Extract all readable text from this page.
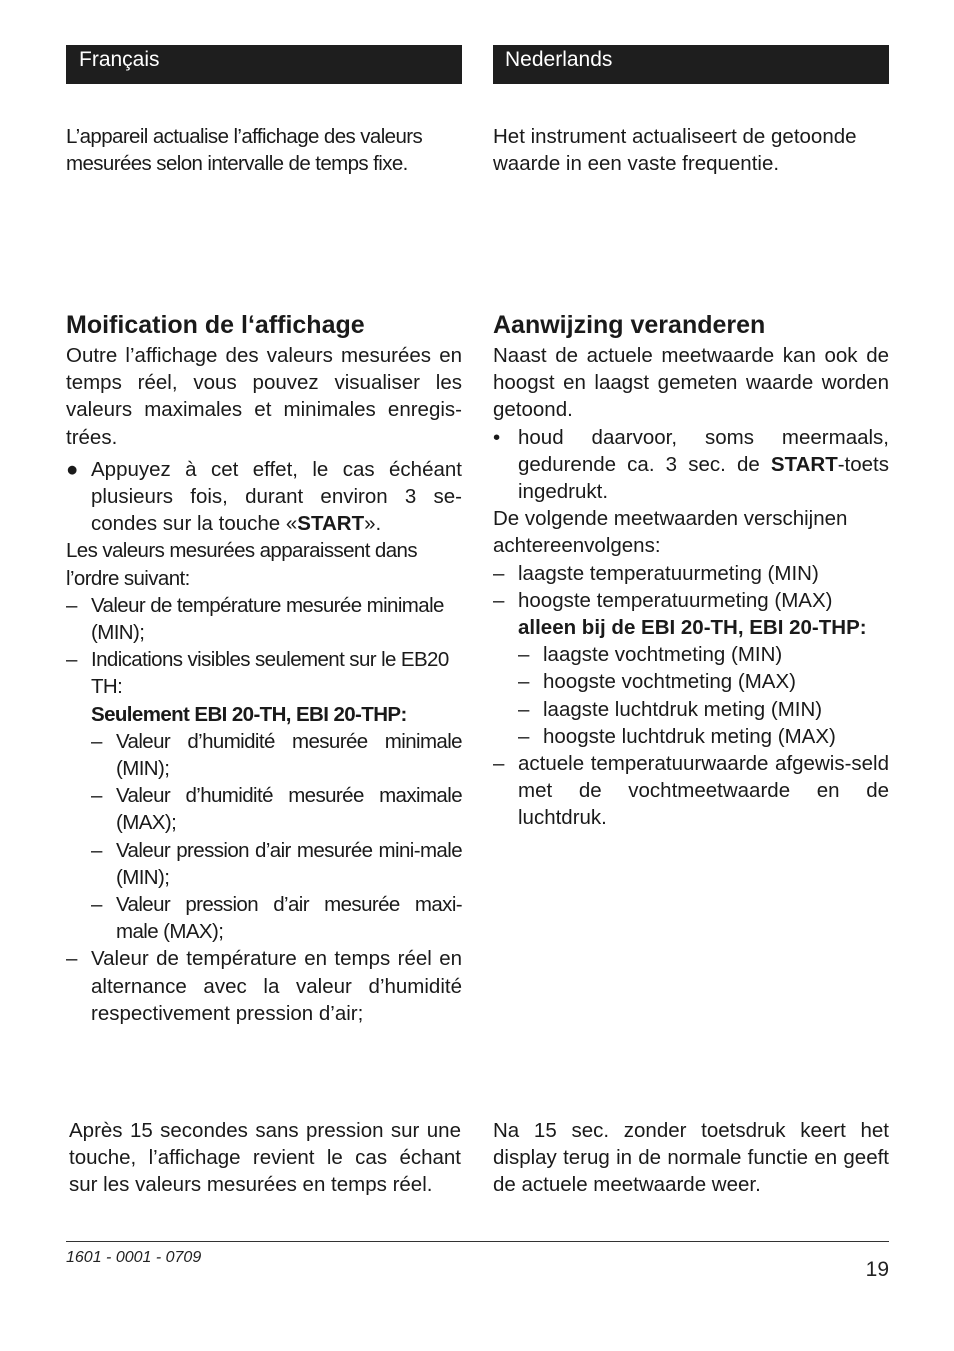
Français	Nederlands

L’appareil actualise l’affichage des valeurs mesurées selon intervalle de temps fixe.

Het instrument actualiseert de getoonde waarde in een vaste frequentie.

Moification de l‘affichage

Outre l’affichage des valeurs mesurées en temps réel, vous pouvez visualiser les valeurs maximales et minimales enregis-trées.

● Appuyez à cet effet, le cas échéant plusieurs fois, durant environ 3 se-condes sur la touche «START».

Les valeurs mesurées apparaissent dans l’ordre suivant:

– Valeur de température mesurée minimale (MIN);
– Indications visibles seulement sur le EB20 TH:
Seulement EBI 20-TH, EBI 20-THP:
– Valeur d’humidité mesurée minimale (MIN);
– Valeur d’humidité mesurée maximale (MAX);
– Valeur pression d’air mesurée mini-male (MIN);
– Valeur pression d’air mesurée maxi-male (MAX);
– Valeur de température en temps réel en alternance avec la valeur d’humidité respectivement pression d’air;
Aanwijzing veranderen

Naast de actuele meetwaarde kan ook de hoogst en laagst gemeten waarde worden getoond.

• houd daarvoor, soms meermaals, gedurende ca. 3 sec. de START-toets ingedrukt.

De volgende meetwaarden verschijnen achtereenvolgens:

– laagste temperatuurmeting (MIN)
– hoogste temperatuurmeting (MAX)
alleen bij de EBI 20-TH, EBI 20-THP:
– laagste vochtmeting (MIN)
– hoogste vochtmeting (MAX)
– laagste luchtdruk meting (MIN)
– hoogste luchtdruk meting (MAX)
– actuele temperatuurwaarde afgewis-seld met de vochtmeetwaarde en de luchtdruk.

Après 15 secondes sans pression sur une touche, l’affichage revient le cas échant sur les valeurs mesurées en temps réel.

Na 15 sec. zonder toetsdruk keert het display terug in de normale functie en geeft de actuele meetwaarde weer.

1601 - 0001 - 0709
19
